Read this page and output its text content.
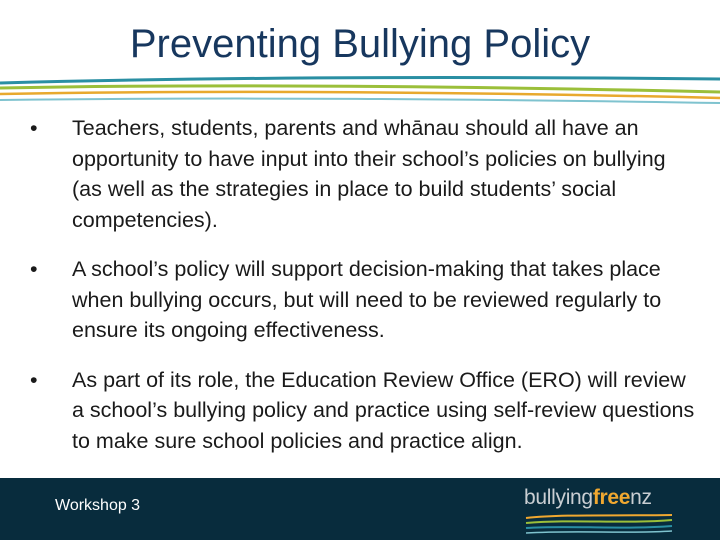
Preventing Bullying Policy
•	Teachers, students, parents and whānau should all have an opportunity to have input into their school’s policies on bullying (as well as the strategies in place to build students’ social competencies).
•	A school’s policy will support decision-making that takes place when bullying occurs, but will need to be reviewed regularly to ensure its ongoing effectiveness.
•	As part of its role, the Education Review Office (ERO) will review a school’s bullying policy and practice using self-review questions to make sure school policies and practice align.
Workshop 3	bullyingfreenz
